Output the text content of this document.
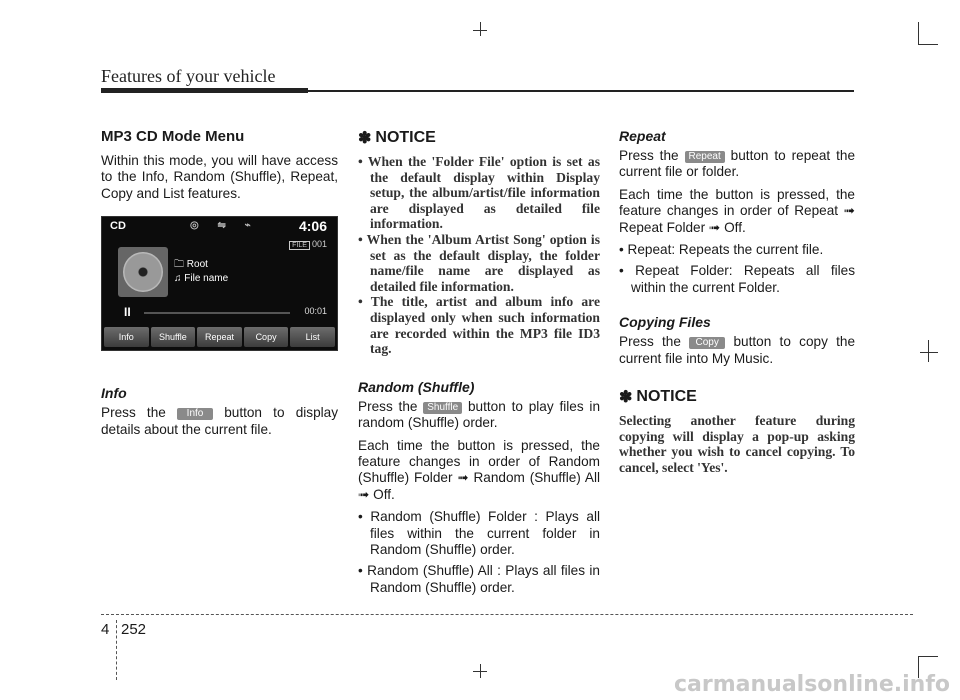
Features of your vehicle
MP3 CD Mode Menu

Within this mode, you will have access to the Info, Random (Shuffle), Repeat, Copy and List features.

CD	◎ ⇋ ⌁	4:06
FILE 001
🗀 Root
♫ File name
II	00:01
Info	Shuffle	Repeat	Copy	List
Info

Press the Info button to display details about the current file.

✽ NOTICE
• When the 'Folder File' option is set as the default display within Display setup, the album/artist/file information are displayed as detailed file information.
• When the 'Album Artist Song' option is set as the default display, the folder name/file name are displayed as detailed file information.
• The title, artist and album info are displayed only when such information are recorded within the MP3 file ID3 tag.
Random (Shuffle)

Press the Shuffle button to play files in random (Shuffle) order.

Each time the button is pressed, the feature changes in order of Random (Shuffle) Folder ➟ Random (Shuffle) All ➟ Off.

• Random (Shuffle) Folder : Plays all files within the current folder in Random (Shuffle) order.
• Random (Shuffle) All : Plays all files in Random (Shuffle) order.
Repeat

Press the Repeat button to repeat the current file or folder.

Each time the button is pressed, the feature changes in order of Repeat ➟ Repeat Folder ➟ Off.

• Repeat: Repeats the current file.
• Repeat Folder: Repeats all files within the current Folder.
Copying Files

Press the Copy button to copy the current file into My Music.

✽ NOTICE

Selecting another feature during copying will display a pop-up asking whether you wish to cancel copying. To cancel, select 'Yes'.

4 252
carmanualsonline.info
